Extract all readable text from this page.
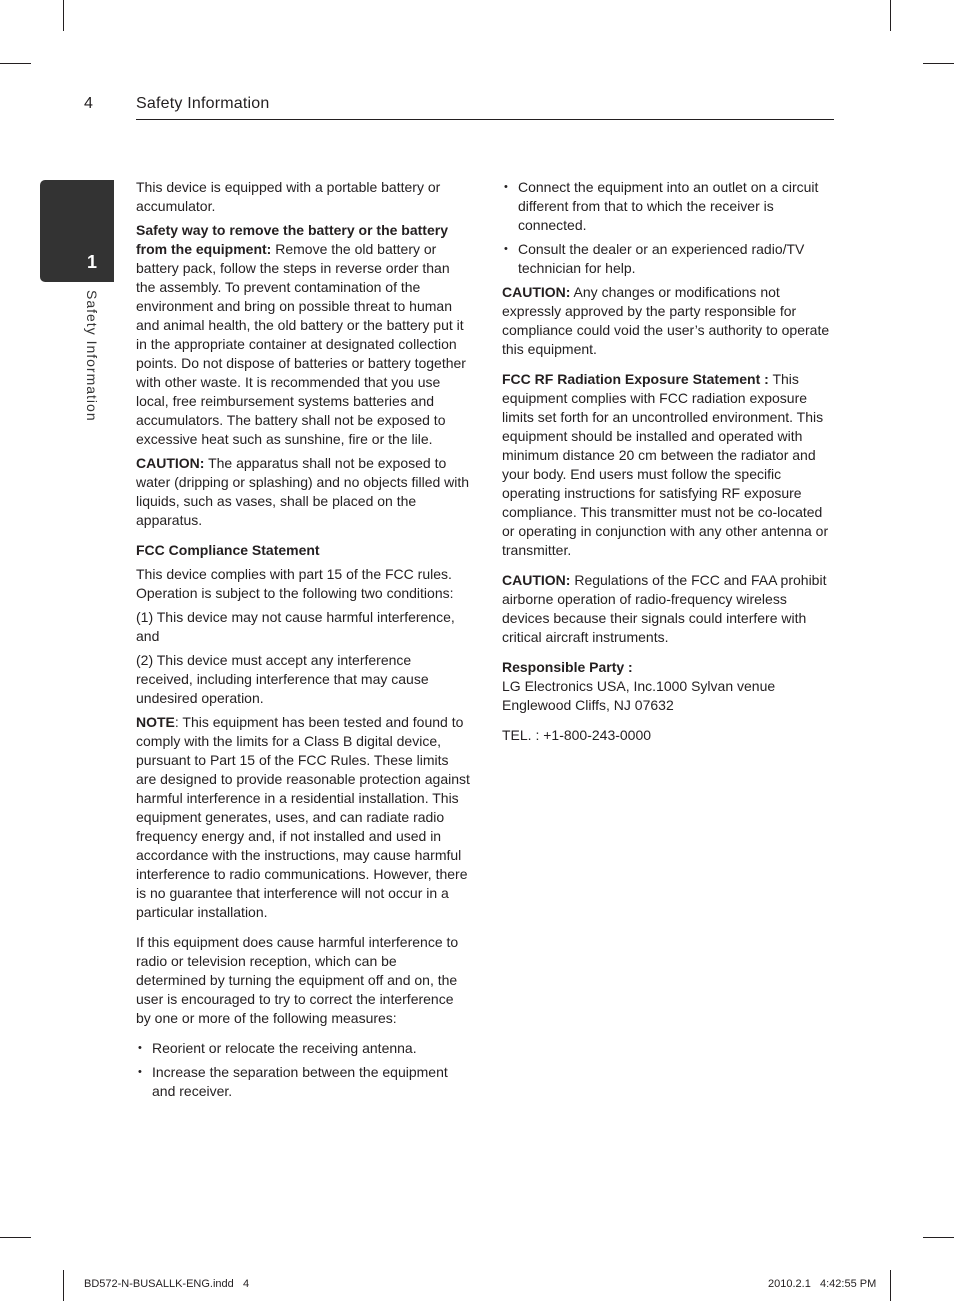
4	Safety Information
1
Safety Information

This device is equipped with a portable battery or accumulator.

Safety way to remove the battery or the battery from the equipment: Remove the old battery or battery pack, follow the steps in reverse order than the assembly. To prevent contamination of the environment and bring on possible threat to human and animal health, the old battery or the battery put it in the appropriate container at designated collection points. Do not dispose of batteries or battery together with other waste. It is recommended that you use local, free reimbursement systems batteries and accumulators. The battery shall not be exposed to excessive heat such as sunshine, fire or the lile.

CAUTION: The apparatus shall not be exposed to water (dripping or splashing) and no objects filled with liquids, such as vases, shall be placed on the apparatus.

FCC Compliance Statement

This device complies with part 15 of the FCC rules. Operation is subject to the following two conditions:

(1) This device may not cause harmful interference, and

(2) This device must accept any interference received, including interference that may cause undesired operation.

NOTE: This equipment has been tested and found to comply with the limits for a Class B digital device, pursuant to Part 15 of the FCC Rules. These limits are designed to provide reasonable protection against harmful interference in a residential installation. This equipment generates, uses, and can radiate radio frequency energy and, if not installed and used in accordance with the instructions, may cause harmful interference to radio communications. However, there is no guarantee that interference will not occur in a particular installation.

If this equipment does cause harmful interference to radio or television reception, which can be determined by turning the equipment off and on, the user is encouraged to try to correct the interference by one or more of the following measures:

• Reorient or relocate the receiving antenna.
• Increase the separation between the equipment and receiver.
• Connect the equipment into an outlet on a circuit different from that to which the receiver is connected.
• Consult the dealer or an experienced radio/TV technician for help.

CAUTION: Any changes or modifications not expressly approved by the party responsible for compliance could void the user’s authority to operate this equipment.

FCC RF Radiation Exposure Statement : This equipment complies with FCC radiation exposure limits set forth for an uncontrolled environment. This equipment should be installed and operated with minimum distance 20 cm between the radiator and your body. End users must follow the specific operating instructions for satisfying RF exposure compliance. This transmitter must not be co-located or operating in conjunction with any other antenna or transmitter.

CAUTION: Regulations of the FCC and FAA prohibit airborne operation of radio-frequency wireless devices because their signals could interfere with critical aircraft instruments.

Responsible Party :
LG Electronics USA, Inc.1000 Sylvan venue
Englewood Cliffs, NJ 07632

TEL. : +1-800-243-0000

BD572-N-BUSALLK-ENG.indd   4	2010.2.1   4:42:55 PM
